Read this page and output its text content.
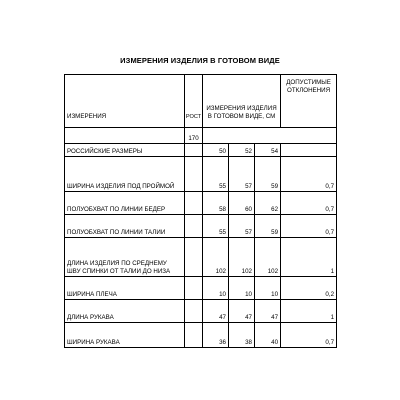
ИЗМЕРЕНИЯ ИЗДЕЛИЯ В ГОТОВОМ ВИДЕ
ИЗМЕРЕНИЯ	РОСТ	ИЗМЕРЕНИЯ ИЗДЕЛИЯ В ГОТОВОМ ВИДЕ, СМ			ДОПУСТИМЫЕ ОТКЛОНЕНИЯ
	170				
РОССИЙСКИЕ РАЗМЕРЫ		50	52	54	
ШИРИНА ИЗДЕЛИЯ ПОД ПРОЙМОЙ		55	57	59	0,7
ПОЛУОБХВАТ ПО ЛИНИИ БЕДЕР		58	60	62	0,7
ПОЛУОБХВАТ ПО ЛИНИИ ТАЛИИ		55	57	59	0,7
ДЛИНА ИЗДЕЛИЯ ПО СРЕДНЕМУ ШВУ СПИНКИ ОТ ТАЛИИ ДО НИЗА		102	102	102	1
ШИРИНА ПЛЕЧА		10	10	10	0,2
ДЛИНА РУКАВА		47	47	47	1
ШИРИНА РУКАВА		36	38	40	0,7
